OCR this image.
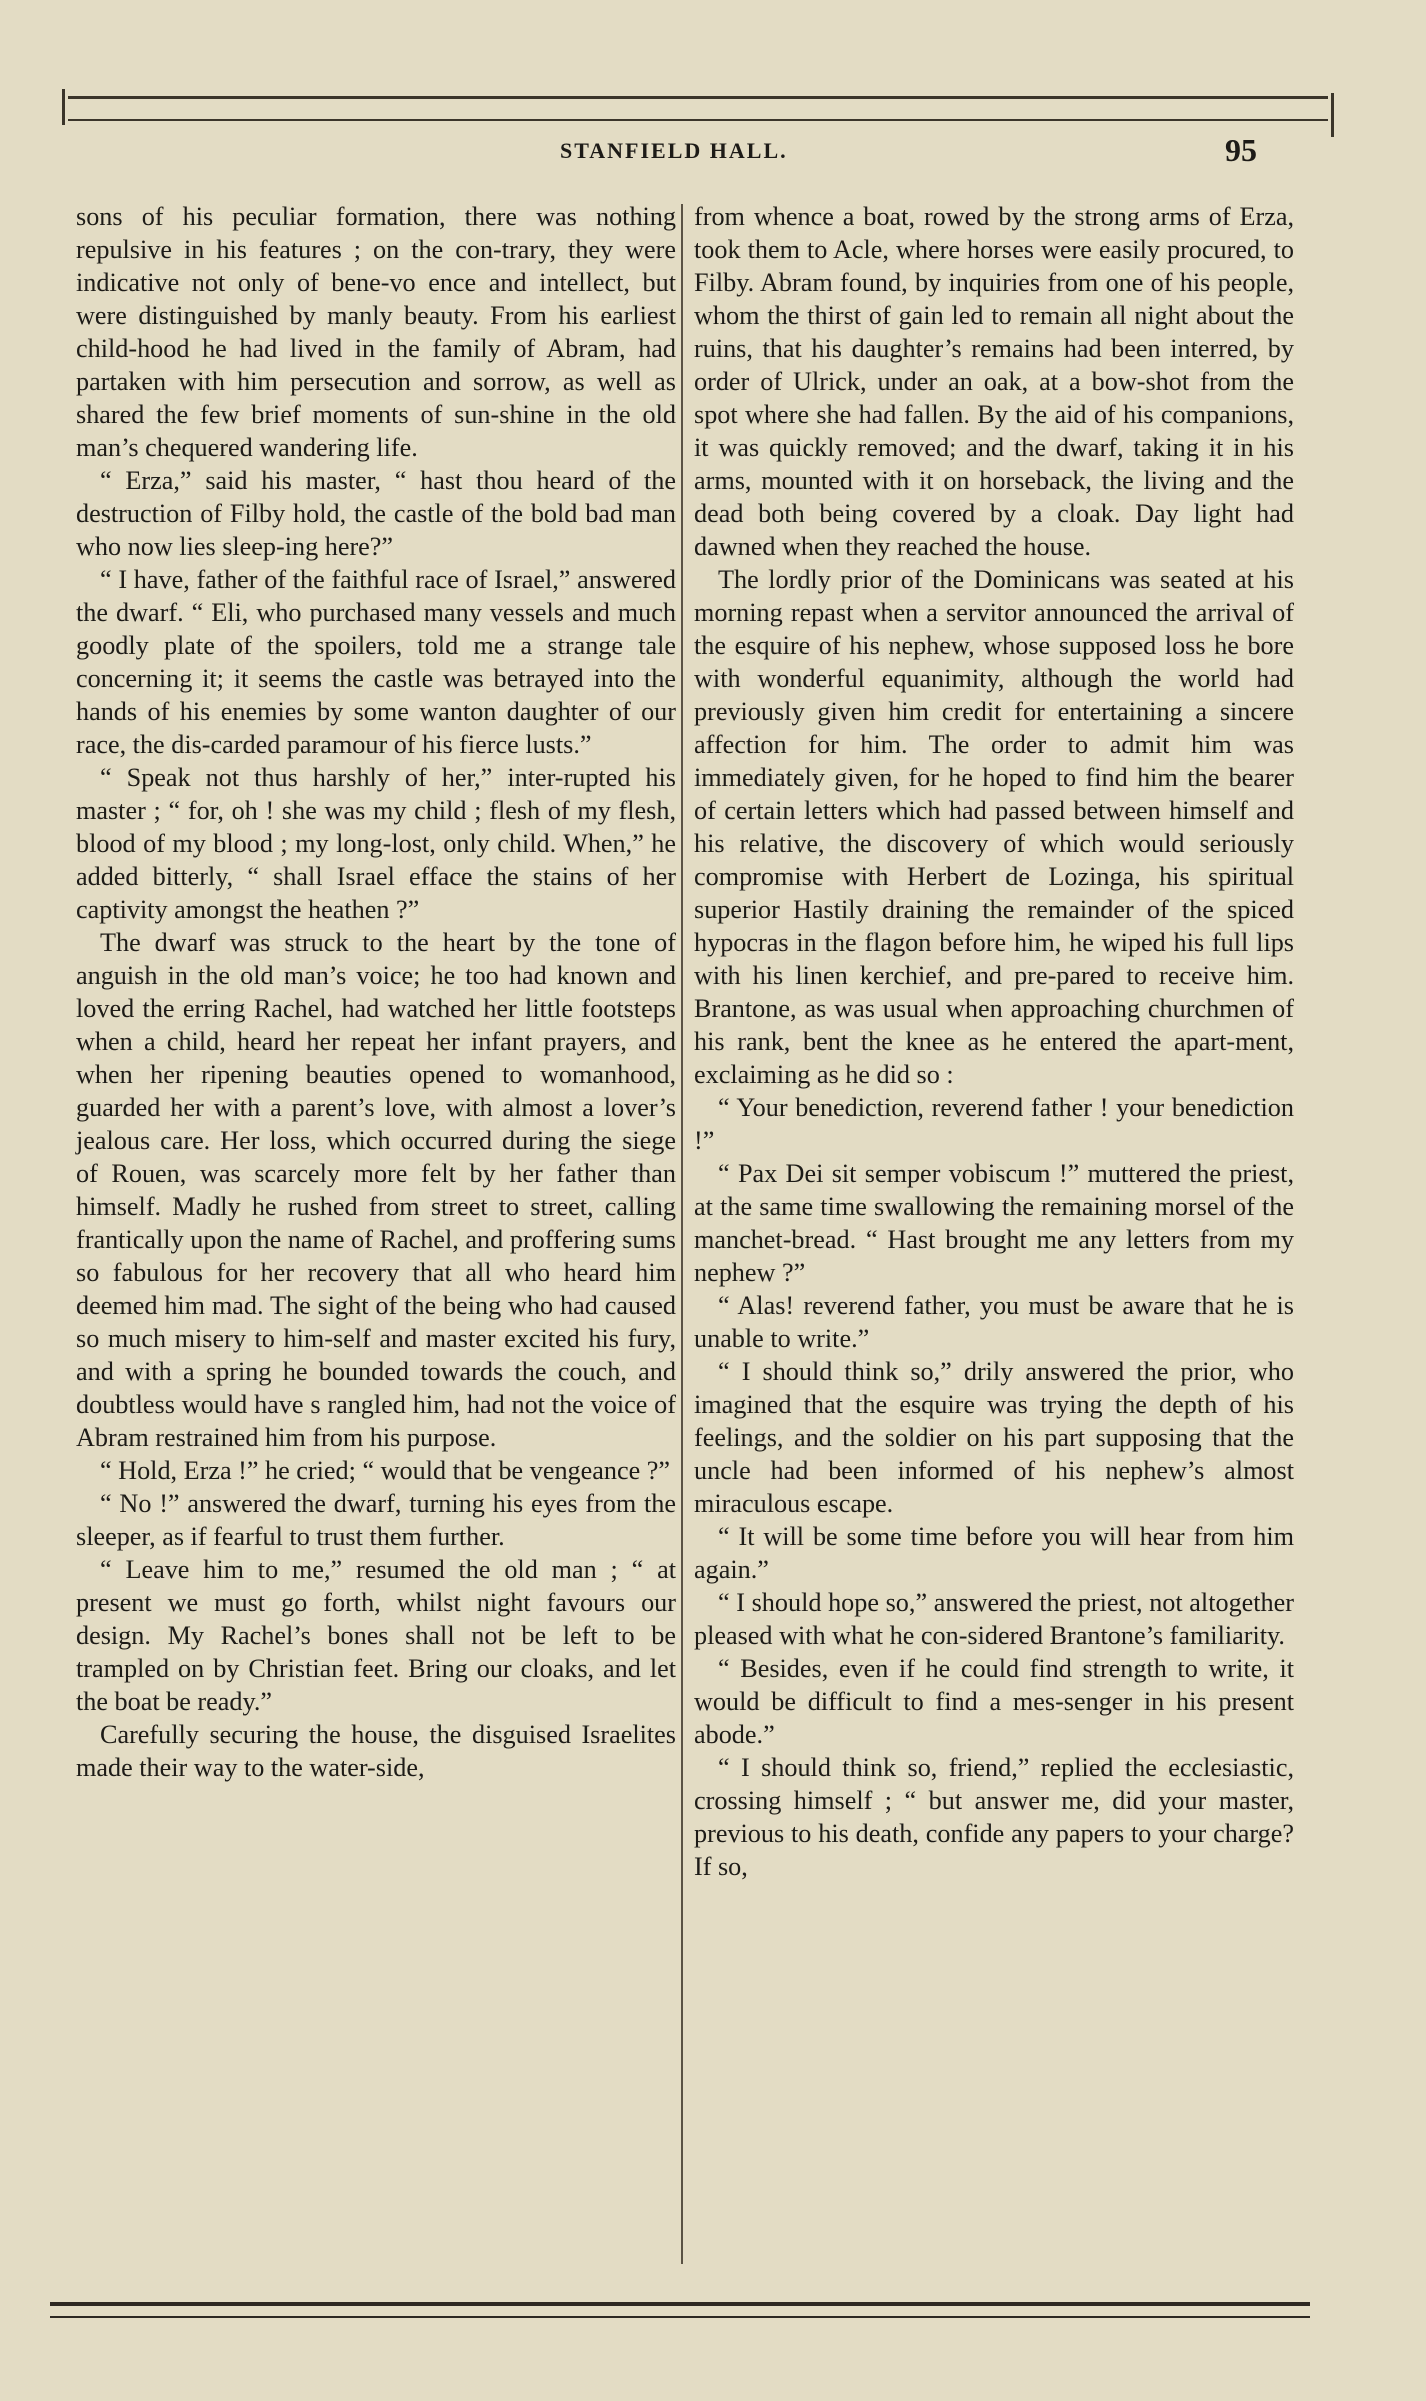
STANFIELD HALL.	95

sons of his peculiar formation, there was nothing repulsive in his features ; on the con-trary, they were indicative not only of bene-vo ence and intellect, but were distinguished by manly beauty. From his earliest child-hood he had lived in the family of Abram, had partaken with him persecution and sorrow, as well as shared the few brief moments of sun-shine in the old man’s chequered wandering life.

“ Erza,” said his master, “ hast thou heard of the destruction of Filby hold, the castle of the bold bad man who now lies sleep-ing here?”

“ I have, father of the faithful race of Israel,” answered the dwarf. “ Eli, who purchased many vessels and much goodly plate of the spoilers, told me a strange tale concerning it; it seems the castle was betrayed into the hands of his enemies by some wanton daughter of our race, the dis-carded paramour of his fierce lusts.”

“ Speak not thus harshly of her,” inter-rupted his master ; “ for, oh ! she was my child ; flesh of my flesh, blood of my blood ; my long-lost, only child. When,” he added bitterly, “ shall Israel efface the stains of her captivity amongst the heathen ?”

The dwarf was struck to the heart by the tone of anguish in the old man’s voice; he too had known and loved the erring Rachel, had watched her little footsteps when a child, heard her repeat her infant prayers, and when her ripening beauties opened to womanhood, guarded her with a parent’s love, with almost a lover’s jealous care. Her loss, which occurred during the siege of Rouen, was scarcely more felt by her father than himself. Madly he rushed from street to street, calling frantically upon the name of Rachel, and proffering sums so fabulous for her recovery that all who heard him deemed him mad. The sight of the being who had caused so much misery to him-self and master excited his fury, and with a spring he bounded towards the couch, and doubtless would have s rangled him, had not the voice of Abram restrained him from his purpose.

“ Hold, Erza !” he cried; “ would that be vengeance ?”

“ No !” answered the dwarf, turning his eyes from the sleeper, as if fearful to trust them further.

“ Leave him to me,” resumed the old man ; “ at present we must go forth, whilst night favours our design. My Rachel’s bones shall not be left to be trampled on by Christian feet. Bring our cloaks, and let the boat be ready.”

Carefully securing the house, the disguised Israelites made their way to the water-side,

from whence a boat, rowed by the strong arms of Erza, took them to Acle, where horses were easily procured, to Filby. Abram found, by inquiries from one of his people, whom the thirst of gain led to remain all night about the ruins, that his daughter’s remains had been interred, by order of Ulrick, under an oak, at a bow-shot from the spot where she had fallen. By the aid of his companions, it was quickly removed; and the dwarf, taking it in his arms, mounted with it on horseback, the living and the dead both being covered by a cloak. Day light had dawned when they reached the house.

The lordly prior of the Dominicans was seated at his morning repast when a servitor announced the arrival of the esquire of his nephew, whose supposed loss he bore with wonderful equanimity, although the world had previously given him credit for entertaining a sincere affection for him. The order to admit him was immediately given, for he hoped to find him the bearer of certain letters which had passed between himself and his relative, the discovery of which would seriously compromise with Herbert de Lozinga, his spiritual superior Hastily draining the remainder of the spiced hypocras in the flagon before him, he wiped his full lips with his linen kerchief, and pre-pared to receive him. Brantone, as was usual when approaching churchmen of his rank, bent the knee as he entered the apart-ment, exclaiming as he did so :

“ Your benediction, reverend father ! your benediction !”

“ Pax Dei sit semper vobiscum !” muttered the priest, at the same time swallowing the remaining morsel of the manchet-bread. “ Hast brought me any letters from my nephew ?”

“ Alas! reverend father, you must be aware that he is unable to write.”

“ I should think so,” drily answered the prior, who imagined that the esquire was trying the depth of his feelings, and the soldier on his part supposing that the uncle had been informed of his nephew’s almost miraculous escape.

“ It will be some time before you will hear from him again.”

“ I should hope so,” answered the priest, not altogether pleased with what he con-sidered Brantone’s familiarity.

“ Besides, even if he could find strength to write, it would be difficult to find a mes-senger in his present abode.”

“ I should think so, friend,” replied the ecclesiastic, crossing himself ; “ but answer me, did your master, previous to his death, confide any papers to your charge? If so,
